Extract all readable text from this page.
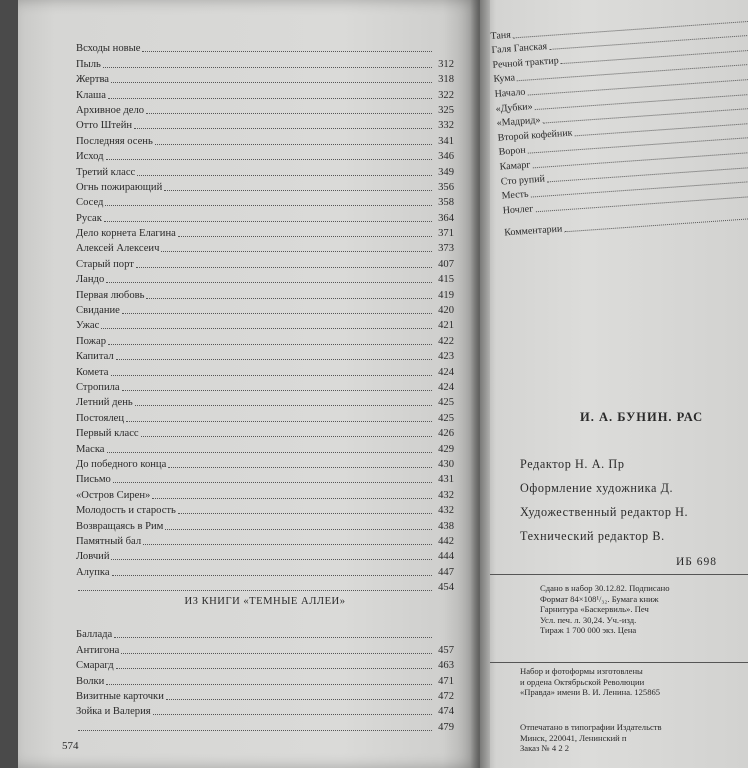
Всходы новые
Пыль	312
Жертва	318
Клаша	322
Архивное дело	325
Отто Штейн	332
Последняя осень	341
Исход	346
Третий класс	349
Огнь пожирающий	356
Сосед	358
Русак	364
Дело корнета Елагина	371
Алексей Алексеич	373
Старый порт	407
Ландо	415
Первая любовь	419
Свидание	420
Ужас	421
Пожар	422
Капитал	423
Комета	424
Стропила	424
Летний день	425
Постоялец	425
Первый класс	426
Маска	429
До победного конца	430
Письмо	431
«Остров Сирен»	432
Молодость и старость	432
Возвращаясь в Рим	438
Памятный бал	442
Ловчий	444
Алупка	447
454
ИЗ КНИГИ «ТЕМНЫЕ АЛЛЕИ»
Баллада
Антигона	457
Смарагд	463
Волки	471
Визитные карточки	472
Зойка и Валерия	474
479
574
Таня
Галя Ганская
Речной трактир
Кума
Начало
«Дубки»
«Мадрид»
Второй кофейник
Ворон
Камарг
Сто рупий
Месть
Ночлег
Комментарии
И. А. БУНИН. РАС
Редактор Н. А. Пр
Оформление художника Д.
Художественный редактор Н.
Технический редактор В.
ИБ 698
Сдано в набор 30.12.82. Подписано
Формат 84×108¹/₃₂. Бумага книж
Гарнитура «Баскервиль». Печ
Усл. печ. л. 30,24. Уч.-изд.
Тираж 1 700 000 экз. Цена
Набор и фотоформы изготовлены
и ордена Октябрьской Революции
«Правда» имени В. И. Ленина. 125865
Отпечатано в типографии Издательств
Минск, 220041, Ленинский п
Заказ № 4 2 2
